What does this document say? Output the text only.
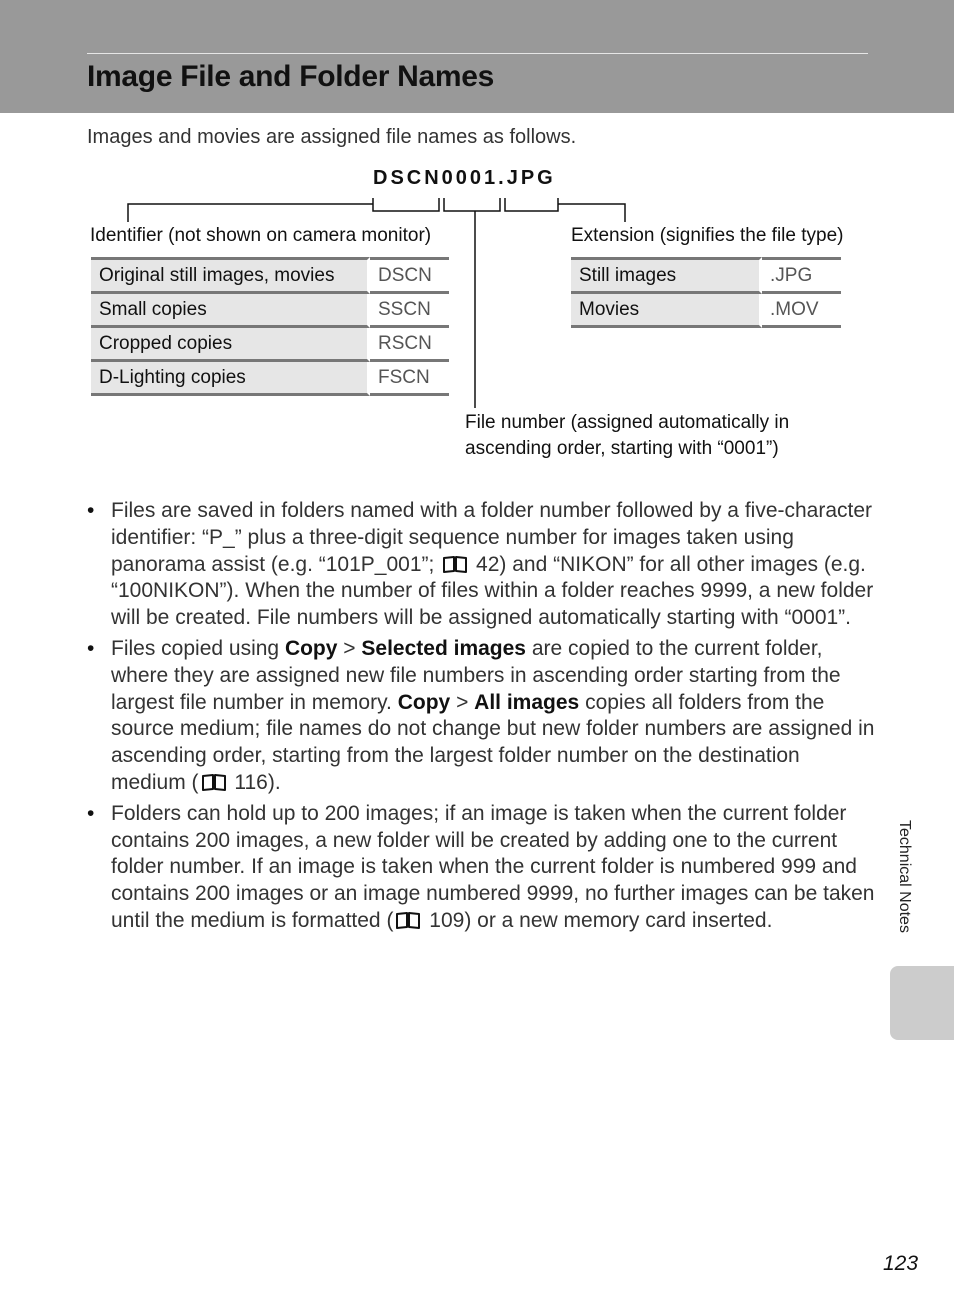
Image File and Folder Names
Images and movies are assigned file names as follows.
DSCN0001.JPG
Identifier (not shown on camera monitor)	Extension (signifies the file type)
Original still images, movies	DSCN
Small copies	SSCN
Cropped copies	RSCN
D-Lighting copies	FSCN
Still images	.JPG
Movies	.MOV
File number (assigned automatically in
ascending order, starting with “0001”)
• Files are saved in folders named with a folder number followed by a five-character identifier: “P_” plus a three-digit sequence number for images taken using panorama assist (e.g. “101P_001”; 42) and “NIKON” for all other images (e.g. “100NIKON”). When the number of files within a folder reaches 9999, a new folder will be created. File numbers will be assigned automatically starting with “0001”.
• Files copied using Copy > Selected images are copied to the current folder, where they are assigned new file numbers in ascending order starting from the largest file number in memory. Copy > All images copies all folders from the source medium; file names do not change but new folder numbers are assigned in ascending order, starting from the largest folder number on the destination medium ( 116).
• Folders can hold up to 200 images; if an image is taken when the current folder contains 200 images, a new folder will be created by adding one to the current folder number. If an image is taken when the current folder is numbered 999 and contains 200 images or an image numbered 9999, no further images can be taken until the medium is formatted ( 109) or a new memory card inserted.	Technical Notes
123
